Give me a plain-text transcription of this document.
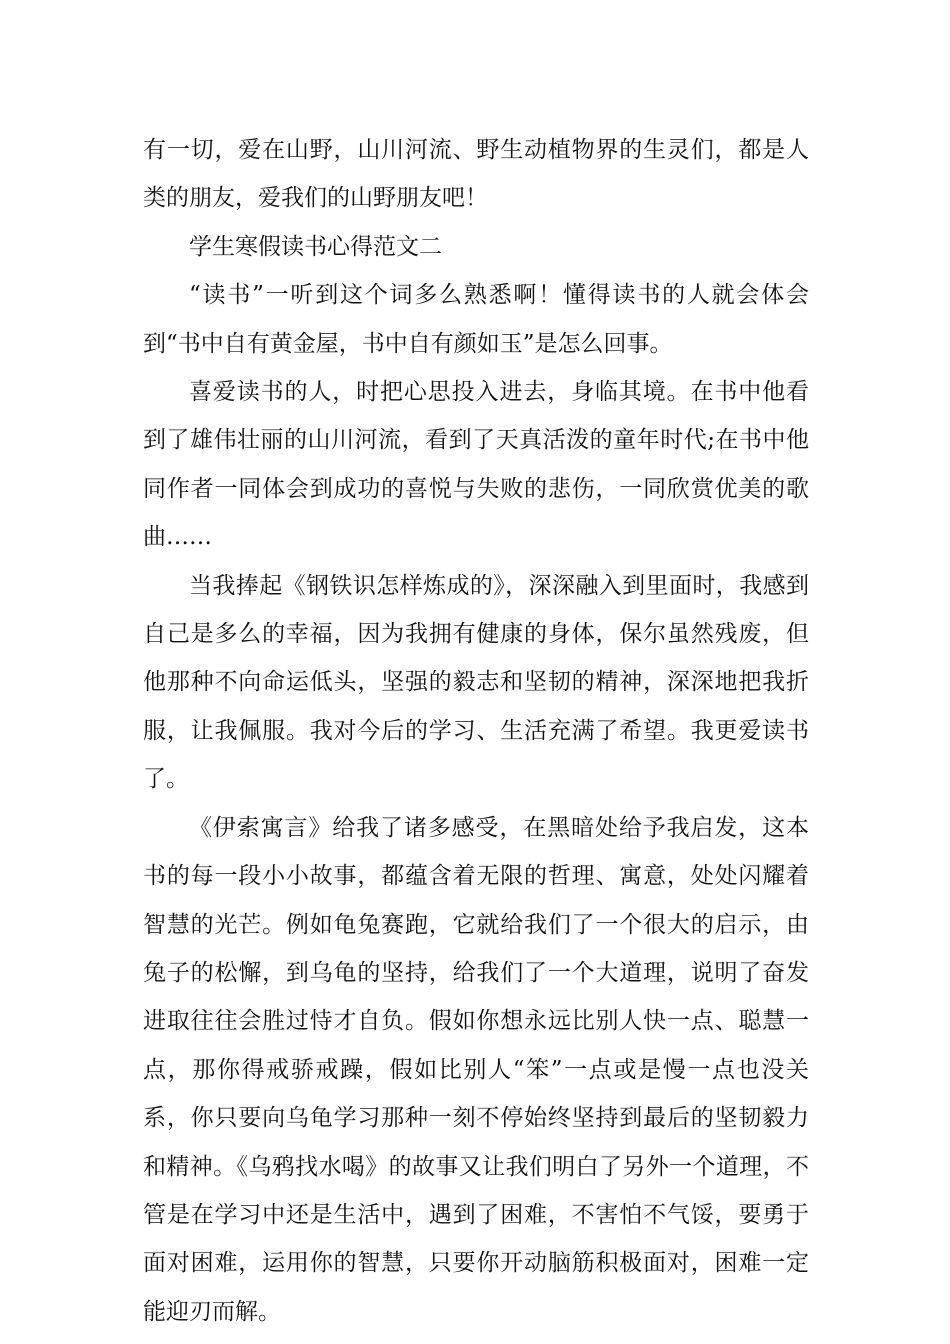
有一切，爱在山野，山川河流、野生动植物界的生灵们，都是人类的朋友，爱我们的山野朋友吧！

学生寒假读书心得范文二

“读书”一听到这个词多么熟悉啊！懂得读书的人就会体会到“书中自有黄金屋，书中自有颜如玉”是怎么回事。

喜爱读书的人，时把心思投入进去，身临其境。在书中他看到了雄伟壮丽的山川河流，看到了天真活泼的童年时代;在书中他同作者一同体会到成功的喜悦与失败的悲伤，一同欣赏优美的歌曲……

当我捧起《钢铁识怎样炼成的》，深深融入到里面时，我感到自己是多么的幸福，因为我拥有健康的身体，保尔虽然残废，但他那种不向命运低头，坚强的毅志和坚韧的精神，深深地把我折服，让我佩服。我对今后的学习、生活充满了希望。我更爱读书了。

《伊索寓言》给我了诸多感受，在黑暗处给予我启发，这本书的每一段小小故事，都蕴含着无限的哲理、寓意，处处闪耀着智慧的光芒。例如龟兔赛跑，它就给我们了一个很大的启示，由兔子的松懈，到乌龟的坚持，给我们了一个大道理，说明了奋发进取往往会胜过恃才自负。假如你想永远比别人快一点、聪慧一点，那你得戒骄戒躁，假如比别人“笨”一点或是慢一点也没关系，你只要向乌龟学习那种一刻不停始终坚持到最后的坚韧毅力和精神。《乌鸦找水喝》的故事又让我们明白了另外一个道理，不管是在学习中还是生活中，遇到了困难，不害怕不气馁，要勇于面对困难，运用你的智慧，只要你开动脑筋积极面对，困难一定能迎刃而解。
